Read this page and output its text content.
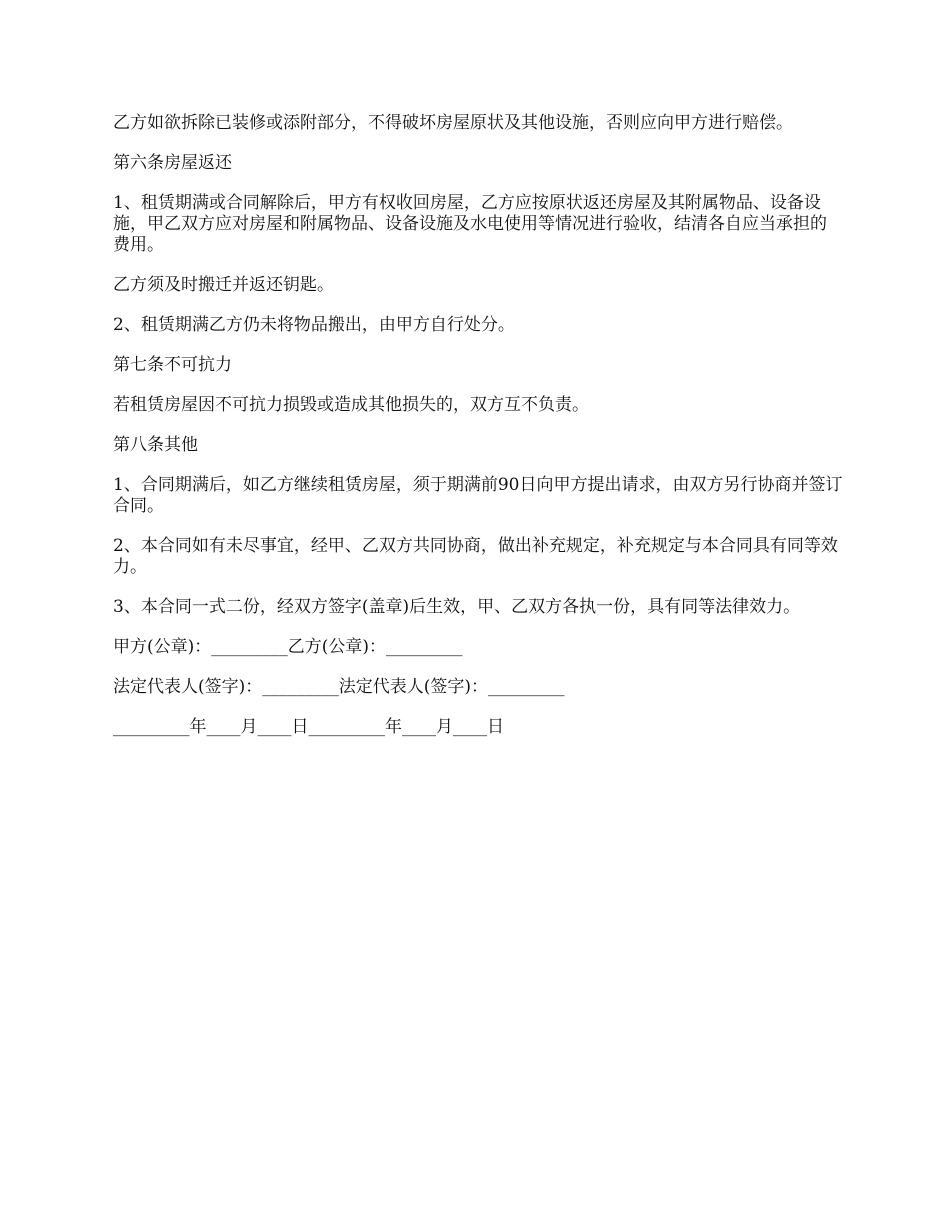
乙方如欲拆除已装修或添附部分，不得破坏房屋原状及其他设施，否则应向甲方进行赔偿。

第六条房屋返还

1、租赁期满或合同解除后，甲方有权收回房屋，乙方应按原状返还房屋及其附属物品、设备设施，甲乙双方应对房屋和附属物品、设备设施及水电使用等情况进行验收，结清各自应当承担的费用。

乙方须及时搬迁并返还钥匙。

2、租赁期满乙方仍未将物品搬出，由甲方自行处分。

第七条不可抗力

若租赁房屋因不可抗力损毁或造成其他损失的，双方互不负责。

第八条其他

1、合同期满后，如乙方继续租赁房屋，须于期满前90日向甲方提出请求，由双方另行协商并签订合同。

2、本合同如有未尽事宜，经甲、乙双方共同协商，做出补充规定，补充规定与本合同具有同等效力。

3、本合同一式二份，经双方签字(盖章)后生效，甲、乙双方各执一份，具有同等法律效力。

甲方(公章)：_________乙方(公章)：_________

法定代表人(签字)：_________法定代表人(签字)：_________

_________年____月____日_________年____月____日
